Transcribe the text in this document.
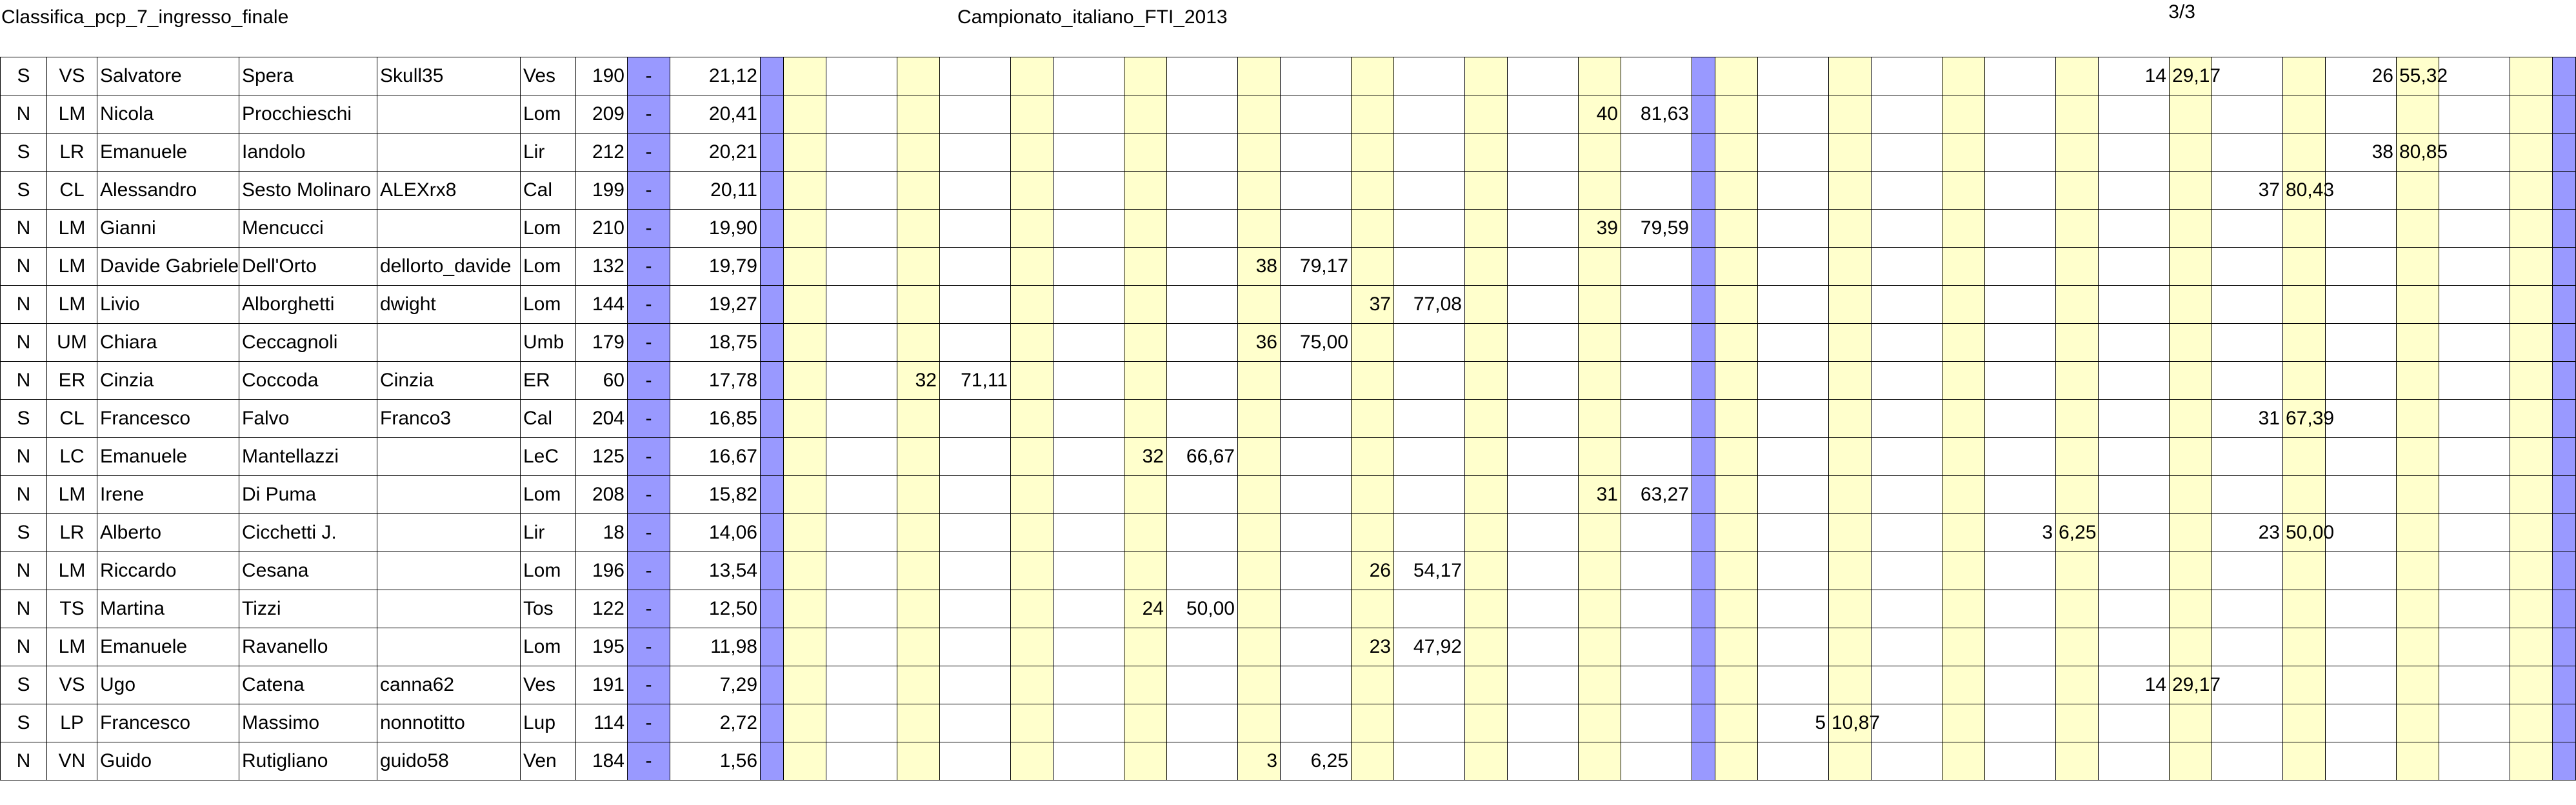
Classifica_pcp_7_ingresso_finale	Campionato_italiano_FTI_2013	3/3
S	VS	Salvatore	Spera	Skull35	Ves	190	-	21,12																										14	29,17			26	55,32			
N	LM	Nicola	Procchieschi		Lom	209	-	20,41																40	81,63																	
S	LR	Emanuele	Iandolo		Lir	212	-	20,21																														38	80,85			
S	CL	Alessandro	Sesto Molinaro	ALEXrx8	Cal	199	-	20,11																												37	80,43					
N	LM	Gianni	Mencucci		Lom	210	-	19,90																39	79,59																	
N	LM	Davide Gabriele	Dell'Orto	dellorto_davide	Lom	132	-	19,79										38	79,17																							
N	LM	Livio	Alborghetti	dwight	Lom	144	-	19,27												37	77,08																					
N	UM	Chiara	Ceccagnoli		Umb	179	-	18,75										36	75,00																							
N	ER	Cinzia	Coccoda	Cinzia	ER	60	-	17,78				32	71,11																													
S	CL	Francesco	Falvo	Franco3	Cal	204	-	16,85																												31	67,39					
N	LC	Emanuele	Mantellazzi		LeC	125	-	16,67								32	66,67																									
N	LM	Irene	Di Puma		Lom	208	-	15,82																31	63,27																	
S	LR	Alberto	Cicchetti J.		Lir	18	-	14,06																								3	6,25			23	50,00					
N	LM	Riccardo	Cesana		Lom	196	-	13,54												26	54,17																					
N	TS	Martina	Tizzi		Tos	122	-	12,50								24	50,00																									
N	LM	Emanuele	Ravanello		Lom	195	-	11,98												23	47,92																					
S	VS	Ugo	Catena	canna62	Ves	191	-	7,29																										14	29,17							
S	LP	Francesco	Massimo	nonnotitto	Lup	114	-	2,72																				5	10,87													
N	VN	Guido	Rutigliano	guido58	Ven	184	-	1,56										3	6,25																							
